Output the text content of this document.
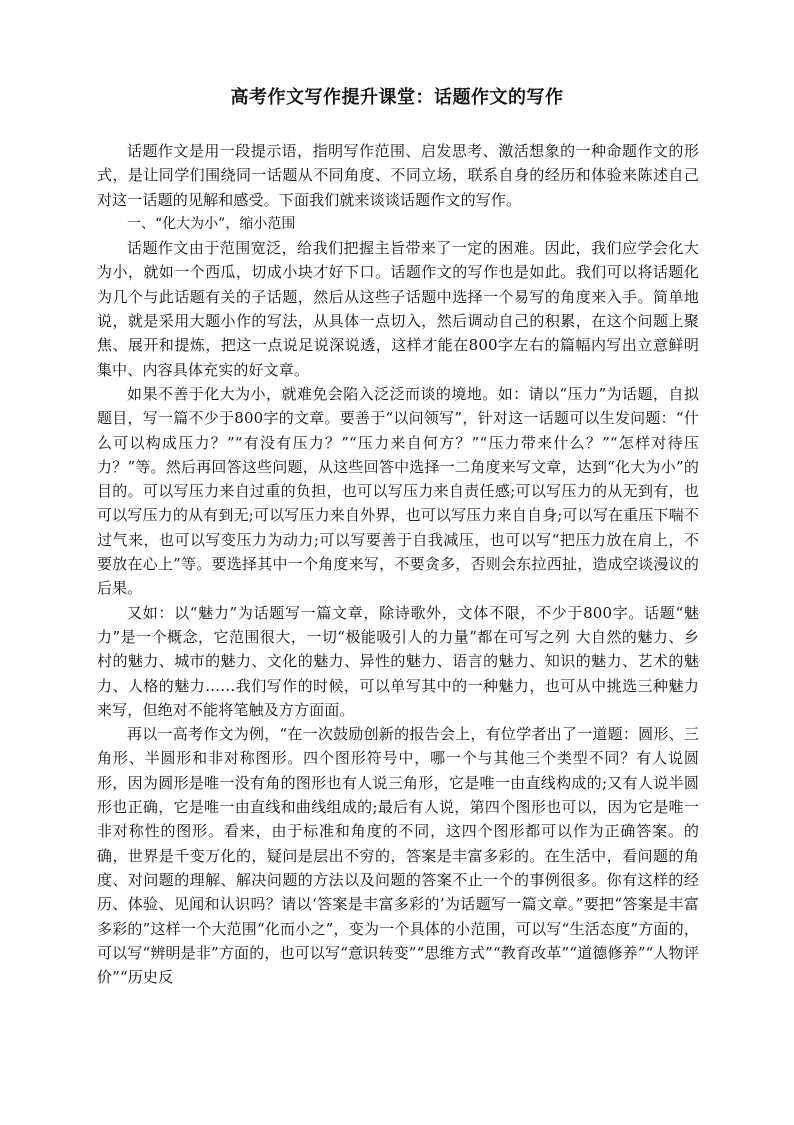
高考作文写作提升课堂：话题作文的写作

话题作文是用一段提示语，指明写作范围、启发思考、激活想象的一种命题作文的形式，是让同学们围绕同一话题从不同角度、不同立场，联系自身的经历和体验来陈述自己对这一话题的见解和感受。下面我们就来谈谈话题作文的写作。

一、“化大为小”，缩小范围

话题作文由于范围宽泛，给我们把握主旨带来了一定的困难。因此，我们应学会化大为小，就如一个西瓜，切成小块才好下口。话题作文的写作也是如此。我们可以将话题化为几个与此话题有关的子话题，然后从这些子话题中选择一个易写的角度来入手。简单地说，就是采用大题小作的写法，从具体一点切入，然后调动自己的积累，在这个问题上聚焦、展开和提炼，把这一点说足说深说透，这样才能在800字左右的篇幅内写出立意鲜明集中、内容具体充实的好文章。

如果不善于化大为小，就难免会陷入泛泛而谈的境地。如：请以“压力”为话题，自拟题目，写一篇不少于800字的文章。要善于“以问领写”，针对这一话题可以生发问题：“什么可以构成压力？”“有没有压力？”“压力来自何方？”“压力带来什么？”“怎样对待压力？”等。然后再回答这些问题，从这些回答中选择一二角度来写文章，达到“化大为小”的目的。可以写压力来自过重的负担，也可以写压力来自责任感;可以写压力的从无到有，也可以写压力的从有到无;可以写压力来自外界，也可以写压力来自自身;可以写在重压下喘不过气来，也可以写变压力为动力;可以写要善于自我减压，也可以写“把压力放在肩上，不要放在心上”等。要选择其中一个角度来写，不要贪多，否则会东拉西扯，造成空谈漫议的后果。

又如：以“魅力”为话题写一篇文章，除诗歌外，文体不限，不少于800字。话题“魅力”是一个概念，它范围很大，一切“极能吸引人的力量”都在可写之列 大自然的魅力、乡村的魅力、城市的魅力、文化的魅力、异性的魅力、语言的魅力、知识的魅力、艺术的魅力、人格的魅力……我们写作的时候，可以单写其中的一种魅力，也可从中挑选三种魅力来写，但绝对不能将笔触及方方面面。

再以一高考作文为例，“在一次鼓励创新的报告会上，有位学者出了一道题：圆形、三角形、半圆形和非对称图形。四个图形符号中，哪一个与其他三个类型不同？有人说圆形，因为圆形是唯一没有角的图形也有人说三角形，它是唯一由直线构成的;又有人说半圆形也正确，它是唯一由直线和曲线组成的;最后有人说，第四个图形也可以，因为它是唯一非对称性的图形。看来，由于标准和角度的不同，这四个图形都可以作为正确答案。的确，世界是千变万化的，疑问是层出不穷的，答案是丰富多彩的。在生活中，看问题的角度、对问题的理解、解决问题的方法以及问题的答案不止一个的事例很多。你有这样的经历、体验、见闻和认识吗？请以‘答案是丰富多彩的’为话题写一篇文章。”要把“答案是丰富多彩的”这样一个大范围“化而小之”，变为一个具体的小范围，可以写“生活态度”方面的，可以写“辨明是非”方面的，也可以写“意识转变”“思维方式”“教育改革”“道德修养”“人物评价”“历史反
